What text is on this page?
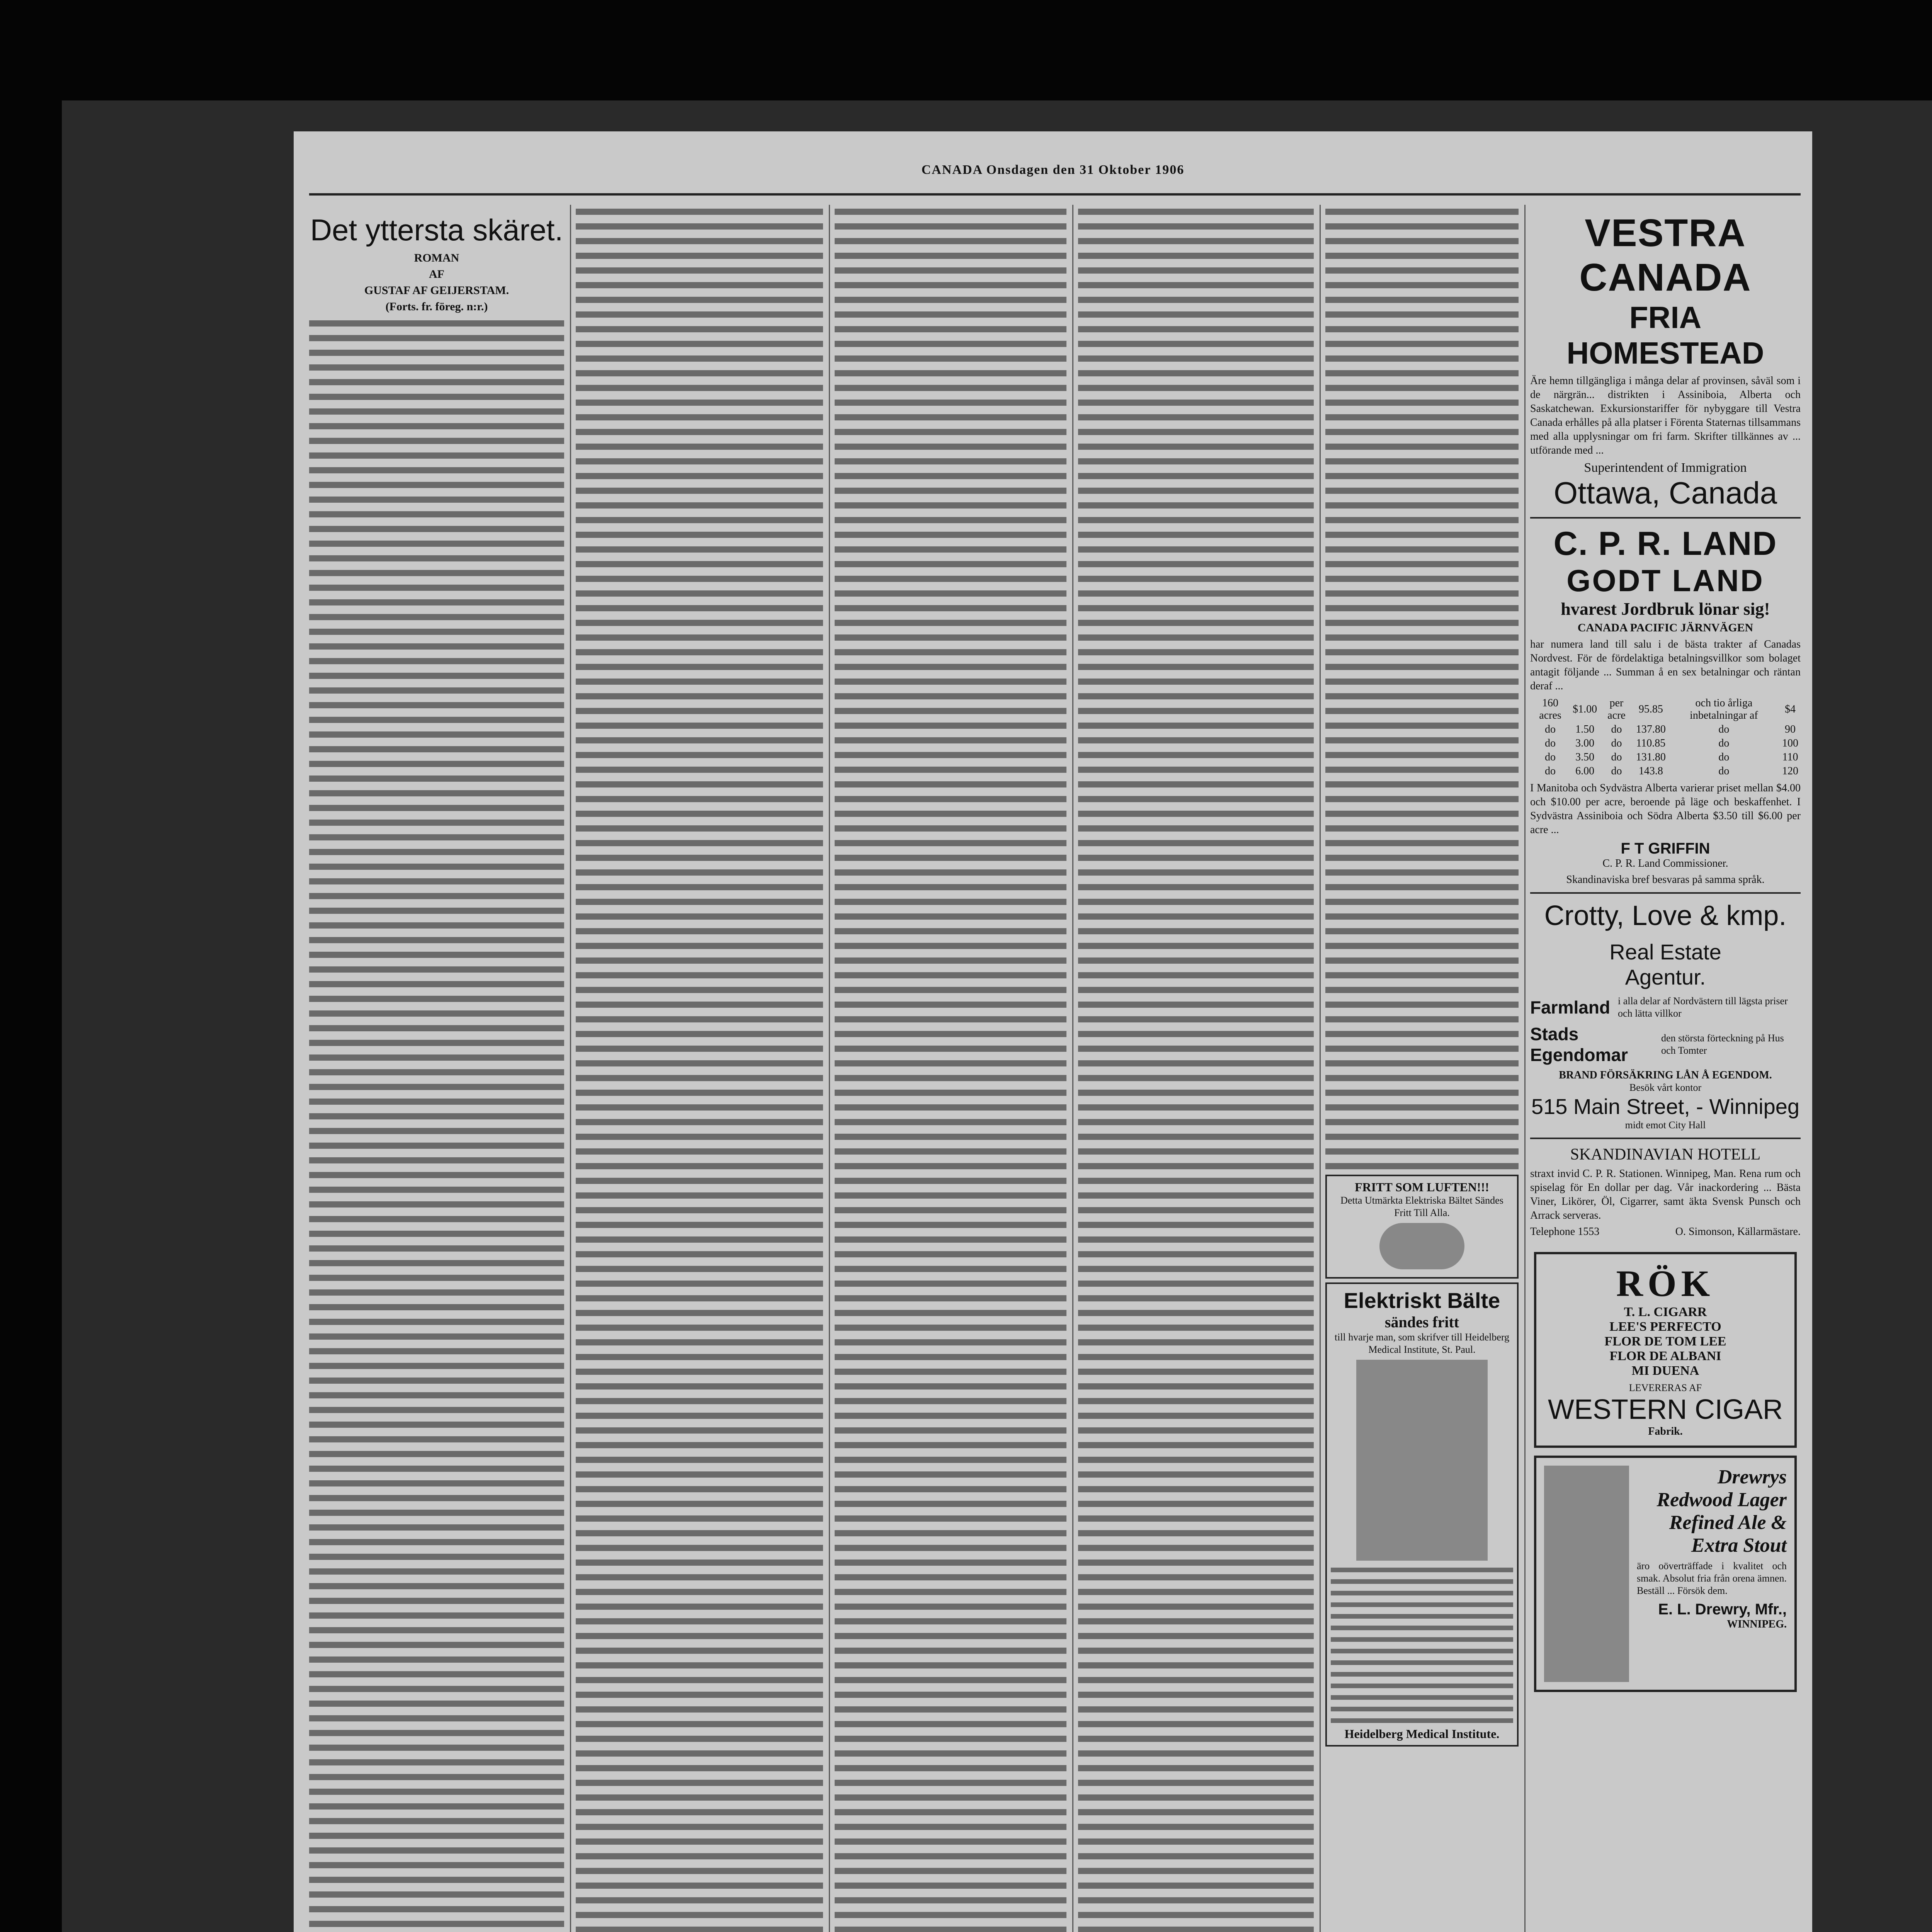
CANADA Onsdagen den 31 Oktober 1906
Det yttersta skäret.
ROMAN
AF
GUSTAF AF GEIJERSTAM.
(Forts. fr. föreg. n:r.)
FRITT SOM LUFTEN!!!
Detta Utmärkta Elektriska Bältet Sändes Fritt Till Alla.
Elektriskt Bälte
sändes fritt
till hvarje man, som skrifver till Heidelberg Medical Institute, St. Paul.
Heidelberg Medical Institute.
VESTRA CANADA
FRIA HOMESTEAD

Äre hemn tillgängliga i många delar af provinsen, såväl som i de närgrän... distrikten i Assiniboia, Alberta och Saskatchewan. Exkursionstariffer för nybyggare till Vestra Canada erhålles på alla platser i Förenta Staternas tillsammans med alla upplysningar om fri farm. Skrifter tillkännes av ... utförande med ...

Superintendent of Immigration
Ottawa, Canada
C. P. R. LAND
GODT LAND
hvarest Jordbruk lönar sig!
CANADA PACIFIC JÄRNVÄGEN

har numera land till salu i de bästa trakter af Canadas Nordvest. För de fördelaktiga betalningsvillkor som bolaget antagit följande ... Summan å en sex betalningar och räntan deraf ...

160 acres	$1.00	per acre	95.85	och tio årliga inbetalningar af	$4
do	1.50	do	137.80	do	90
do	3.00	do	110.85	do	100
do	3.50	do	131.80	do	110
do	6.00	do	143.8	do	120

I Manitoba och Sydvästra Alberta varierar priset mellan $4.00 och $10.00 per acre, beroende på läge och beskaffenhet. I Sydvästra Assiniboia och Södra Alberta $3.50 till $6.00 per acre ...

F T GRIFFIN
C. P. R. Land Commissioner.
Skandinaviska bref besvaras på samma språk.
Crotty, Love & kmp.
Real Estate
Agentur.
Farmland i alla delar af Nordvästern till lägsta priser och lätta villkor
Stads Egendomar
den största förteckning på Hus och Tomter
BRAND FÖRSÄKRING LÅN Å EGENDOM.
Besök vårt kontor
515 Main Street, - Winnipeg
midt emot City Hall
SKANDINAVIAN HOTELL

straxt invid C. P. R. Stationen. Winnipeg, Man. Rena rum och spiselag för En dollar per dag. Vår inackordering ... Bästa Viner, Likörer, Öl, Cigarrer, samt äkta Svensk Punsch och Arrack serveras.

Telephone 1553	O. Simonson, Källarmästare.
RÖK
T. L. CIGARR
LEE'S PERFECTO
FLOR DE TOM LEE
FLOR DE ALBANI
MI DUENA
LEVERERAS AF
WESTERN CIGAR
Fabrik.
Drewrys
Redwood Lager
Refined Ale &
Extra Stout
äro oöverträffade i kvalitet och smak. Absolut fria från orena ämnen. Beställ ... Försök dem.
E. L. Drewry, Mfr.,
WINNIPEG.
